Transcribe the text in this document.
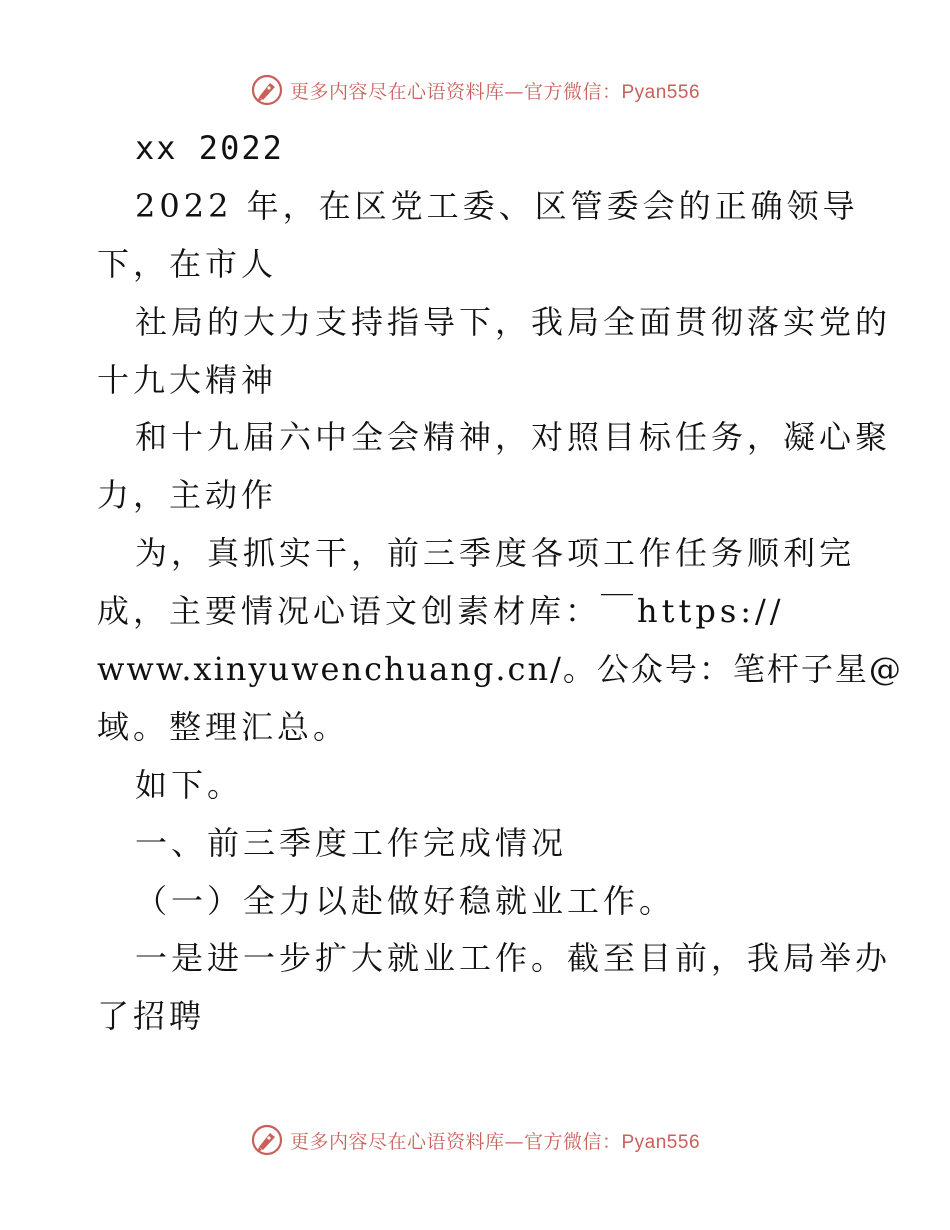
更多内容尽在心语资料库—官方微信：Pyan556
xx 2022
2022 年，在区党工委、区管委会的正确领导
下，在市人
社局的大力支持指导下，我局全面贯彻落实党的
十九大精神
和十九届六中全会精神，对照目标任务，凝心聚
力，主动作
为，真抓实干，前三季度各项工作任务顺利完
成，主要情况心语文创素材库：￣https://
www.xinyuwenchuang.cn/。公众号：笔杆子星@
域。整理汇总。
如下。
一、前三季度工作完成情况
（一）全力以赴做好稳就业工作。
一是进一步扩大就业工作。截至目前，我局举办
了招聘
更多内容尽在心语资料库—官方微信：Pyan556
